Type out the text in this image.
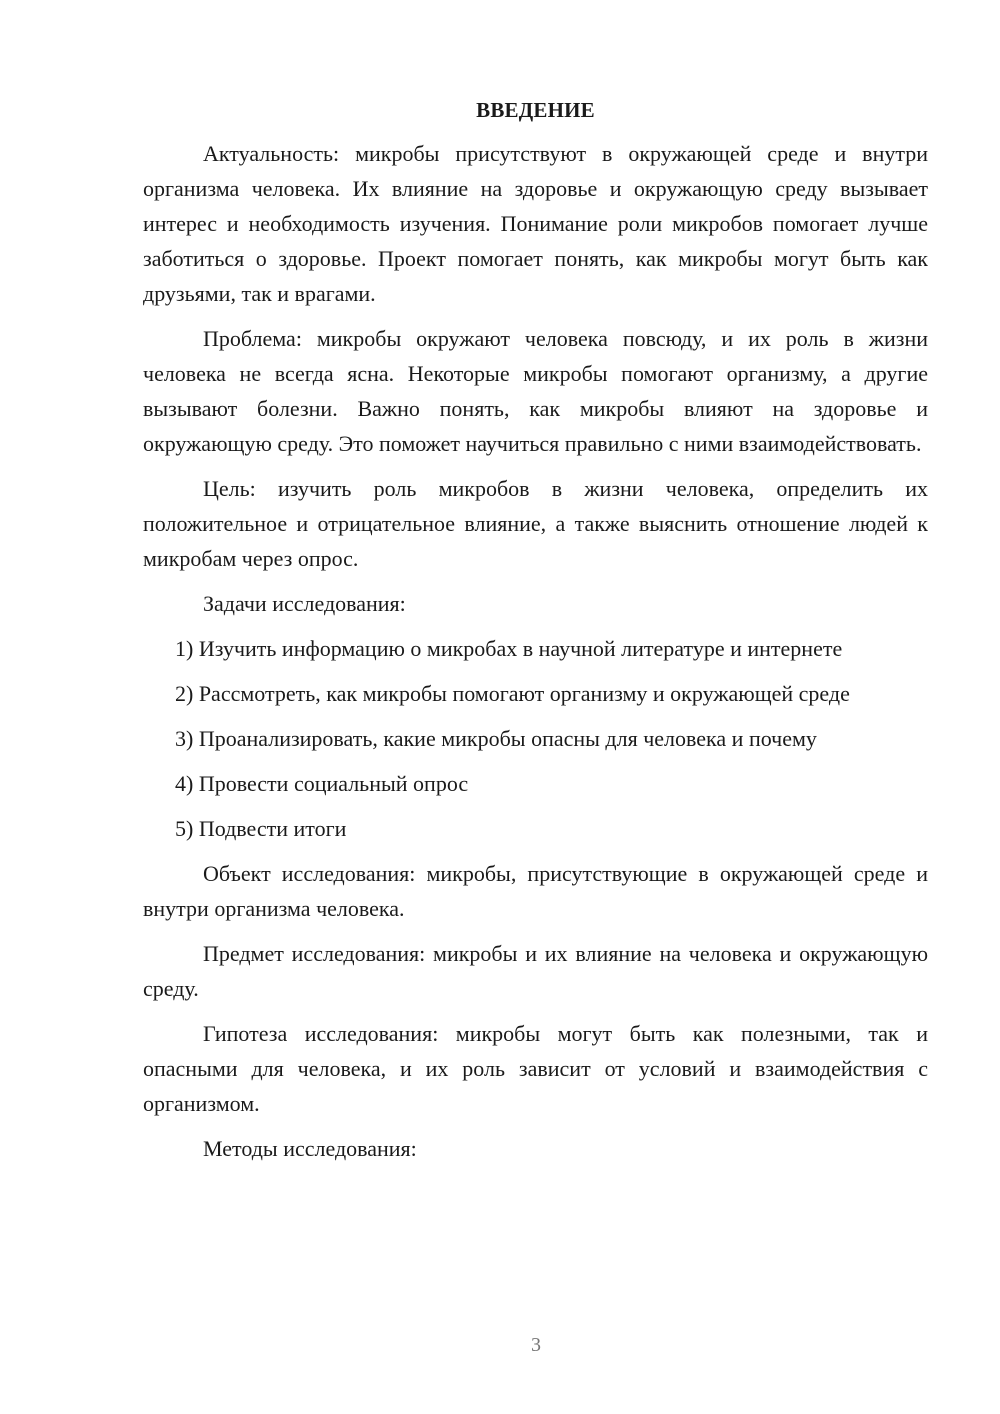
ВВЕДЕНИЕ

Актуальность: микробы присутствуют в окружающей среде и внутри организма человека. Их влияние на здоровье и окружающую среду вызывает интерес и необходимость изучения. Понимание роли микробов помогает лучше заботиться о здоровье. Проект помогает понять, как микробы могут быть как друзьями, так и врагами.

Проблема: микробы окружают человека повсюду, и их роль в жизни человека не всегда ясна. Некоторые микробы помогают организму, а другие вызывают болезни. Важно понять, как микробы влияют на здоровье и окружающую среду. Это поможет научиться правильно с ними взаимодействовать.

Цель: изучить роль микробов в жизни человека, определить их положительное и отрицательное влияние, а также выяснить отношение людей к микробам через опрос.

Задачи исследования:

1) Изучить информацию о микробах в научной литературе и интернете

2) Рассмотреть, как микробы помогают организму и окружающей среде

3) Проанализировать, какие микробы опасны для человека и почему

4) Провести социальный опрос

5) Подвести итоги

Объект исследования: микробы, присутствующие в окружающей среде и внутри организма человека.

Предмет исследования: микробы и их влияние на человека и окружающую среду.

Гипотеза исследования: микробы могут быть как полезными, так и опасными для человека, и их роль зависит от условий и взаимодействия с организмом.

Методы исследования:

3
